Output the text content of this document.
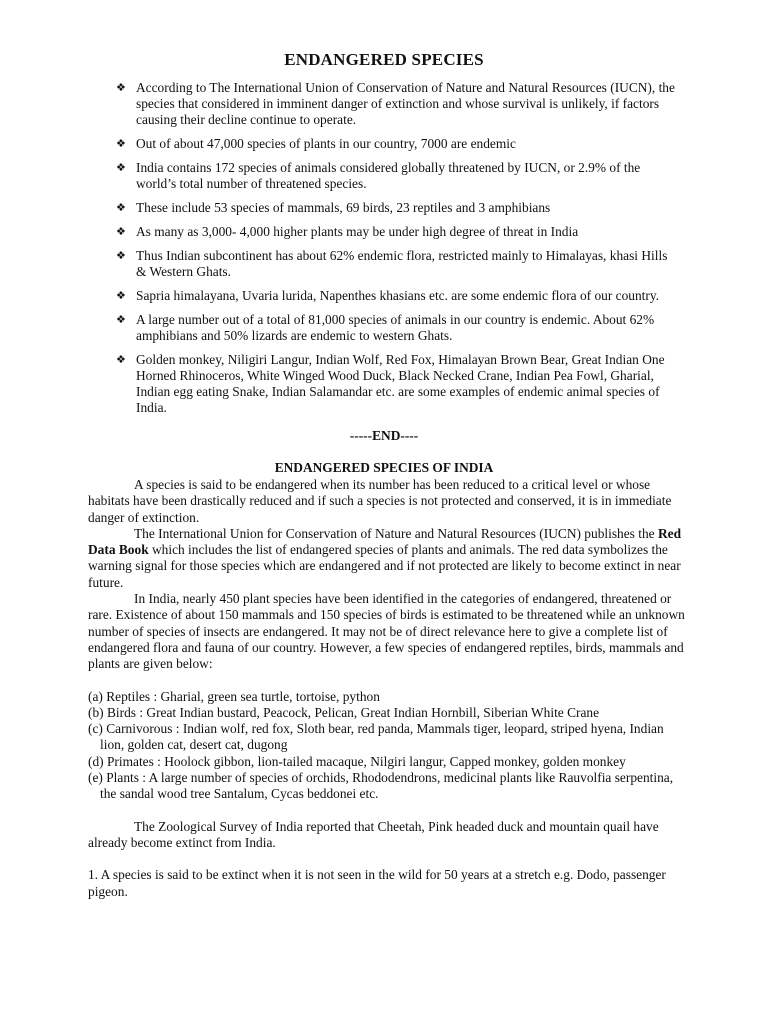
ENDANGERED SPECIES
❖ According to The International Union of Conservation of Nature and Natural Resources (IUCN), the species that considered in imminent danger of extinction and whose survival is unlikely, if factors causing their decline continue to operate.
❖ Out of about 47,000 species of plants in our country, 7000 are endemic
❖ India contains 172 species of animals considered globally threatened by IUCN, or 2.9% of the world’s total number of threatened species.
❖ These include 53 species of mammals, 69 birds, 23 reptiles and 3 amphibians
❖ As many as 3,000- 4,000 higher plants may be under high degree of threat in India
❖ Thus Indian subcontinent has about 62% endemic flora, restricted mainly to Himalayas, khasi Hills & Western Ghats.
❖ Sapria himalayana, Uvaria lurida, Napenthes khasians etc. are some endemic flora of our country.
❖ A large number out of a total of 81,000 species of animals in our country is endemic. About 62% amphibians and 50% lizards are endemic to western Ghats.
❖ Golden monkey, Niligiri Langur, Indian Wolf, Red Fox, Himalayan Brown Bear, Great Indian One Horned Rhinoceros, White Winged Wood Duck, Black Necked Crane, Indian Pea Fowl, Gharial, Indian egg eating Snake, Indian Salamandar etc. are some examples of endemic animal species of India.
-----END----
ENDANGERED SPECIES OF INDIA

A species is said to be endangered when its number has been reduced to a critical level or whose habitats have been drastically reduced and if such a species is not protected and conserved, it is in immediate danger of extinction.

The International Union for Conservation of Nature and Natural Resources (IUCN) publishes the Red Data Book which includes the list of endangered species of plants and animals. The red data symbolizes the warning signal for those species which are endangered and if not protected are likely to become extinct in near future.

In India, nearly 450 plant species have been identified in the categories of endangered, threatened or rare. Existence of about 150 mammals and 150 species of birds is estimated to be threatened while an unknown number of species of insects are endangered. It may not be of direct relevance here to give a complete list of endangered flora and fauna of our country. However, a few species of endangered reptiles, birds, mammals and plants are given below:

(a) Reptiles : Gharial, green sea turtle, tortoise, python

(b) Birds : Great Indian bustard, Peacock, Pelican, Great Indian Hornbill, Siberian White Crane

(c) Carnivorous : Indian wolf, red fox, Sloth bear, red panda, Mammals tiger, leopard, striped hyena, Indian lion, golden cat, desert cat, dugong

(d) Primates : Hoolock gibbon, lion-tailed macaque, Nilgiri langur, Capped monkey, golden monkey

(e) Plants : A large number of species of orchids, Rhododendrons, medicinal plants like Rauvolfia serpentina, the sandal wood tree Santalum, Cycas beddonei etc.

The Zoological Survey of India reported that Cheetah, Pink headed duck and mountain quail have already become extinct from India.

1. A species is said to be extinct when it is not seen in the wild for 50 years at a stretch e.g. Dodo, passenger pigeon.
